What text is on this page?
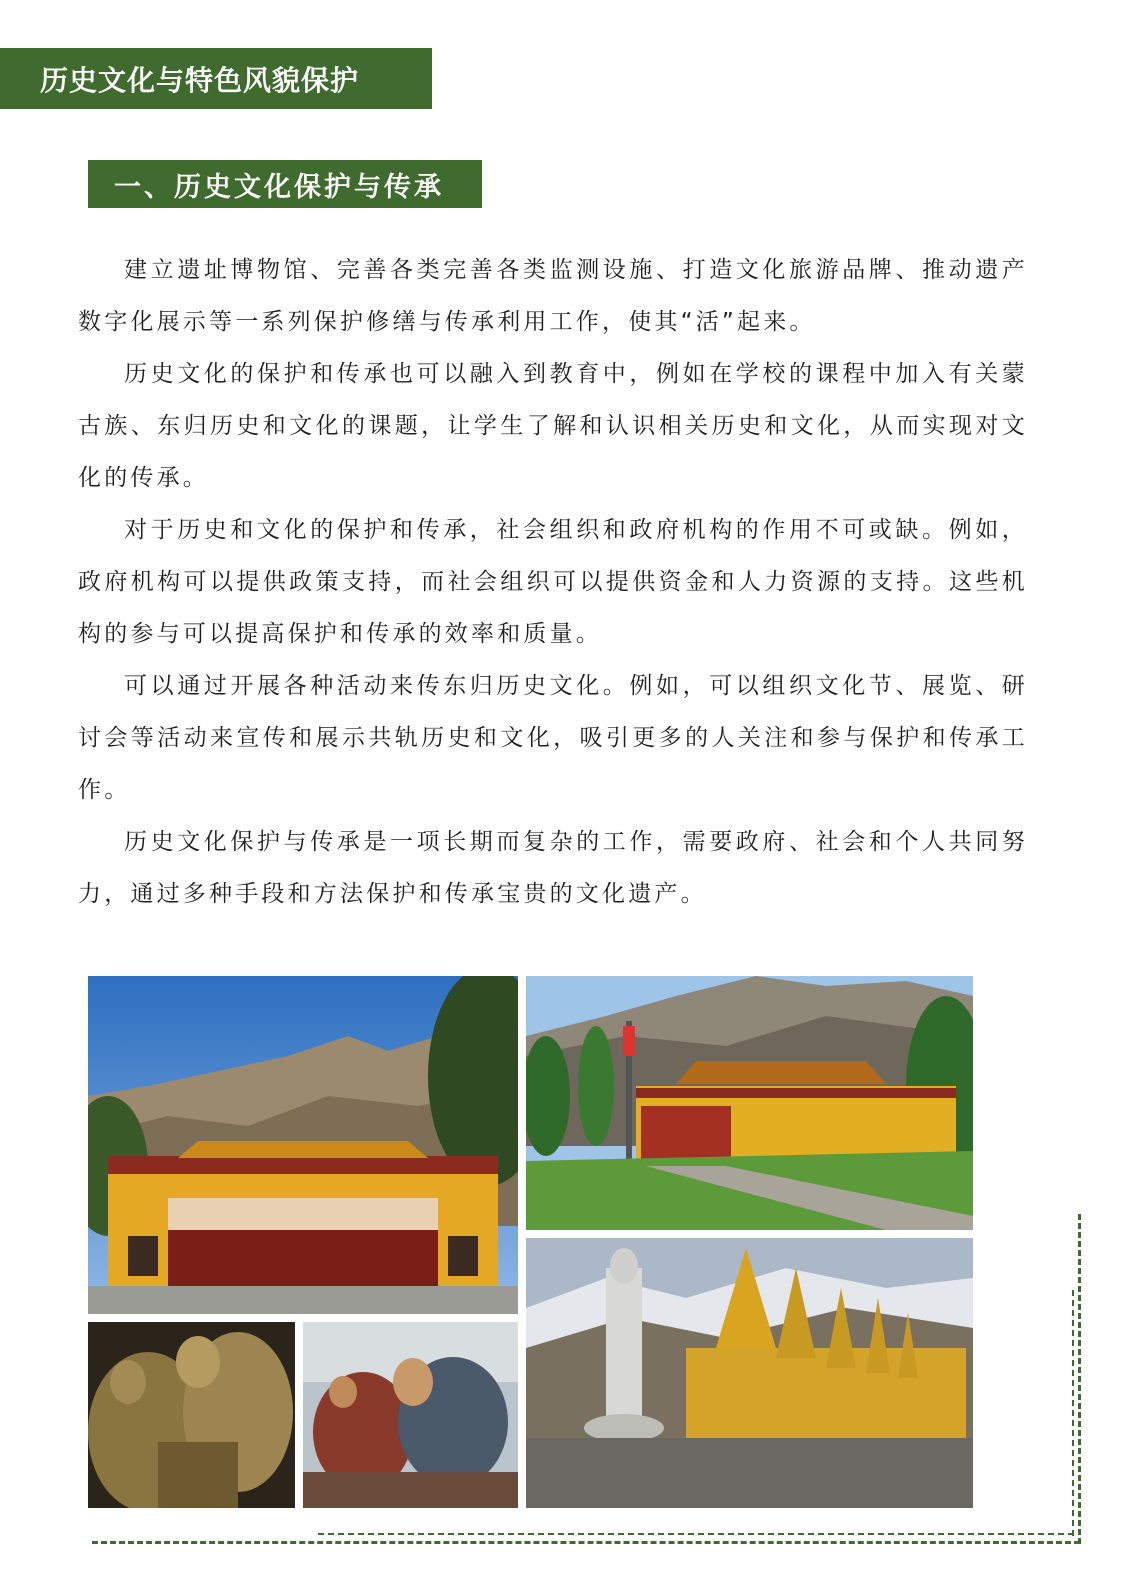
历史文化与特色风貌保护
一、历史文化保护与传承

建立遗址博物馆、完善各类完善各类监测设施、打造文化旅游品牌、推动遗产数字化展示等一系列保护修缮与传承利用工作，使其“活”起来。

历史文化的保护和传承也可以融入到教育中，例如在学校的课程中加入有关蒙古族、东归历史和文化的课题，让学生了解和认识相关历史和文化，从而实现对文化的传承。

对于历史和文化的保护和传承，社会组织和政府机构的作用不可或缺。例如，政府机构可以提供政策支持，而社会组织可以提供资金和人力资源的支持。这些机构的参与可以提高保护和传承的效率和质量。

可以通过开展各种活动来传东归历史文化。例如，可以组织文化节、展览、研讨会等活动来宣传和展示共轨历史和文化，吸引更多的人关注和参与保护和传承工作。

历史文化保护与传承是一项长期而复杂的工作，需要政府、社会和个人共同努力，通过多种手段和方法保护和传承宝贵的文化遗产。
